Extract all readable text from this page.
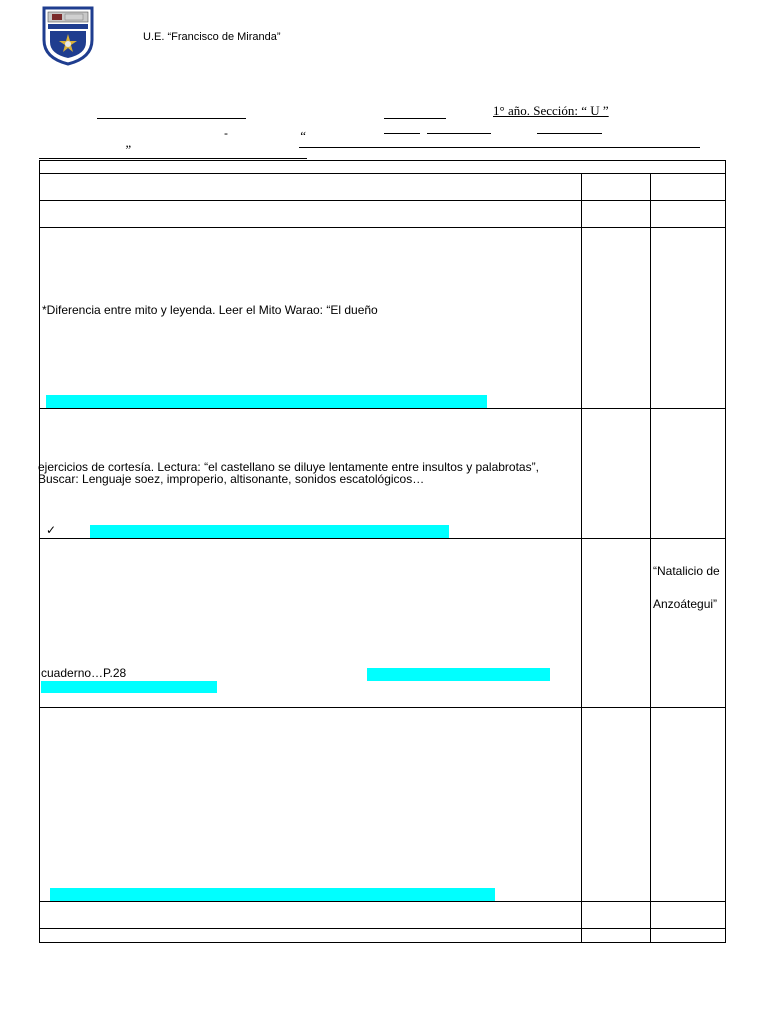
U.E. “Francisco de Miranda”
1° año. Sección: “ U ”
-	“
”
*Diferencia entre mito y leyenda. Leer el Mito Warao: “El dueño
ejercicios de cortesía. Lectura: “el castellano se diluye lentamente entre insultos y palabrotas”,
Buscar: Lenguaje soez, improperio, altisonante, sonidos escatológicos…
✓
“Natalicio de
Anzoátegui”
cuaderno…P.28
